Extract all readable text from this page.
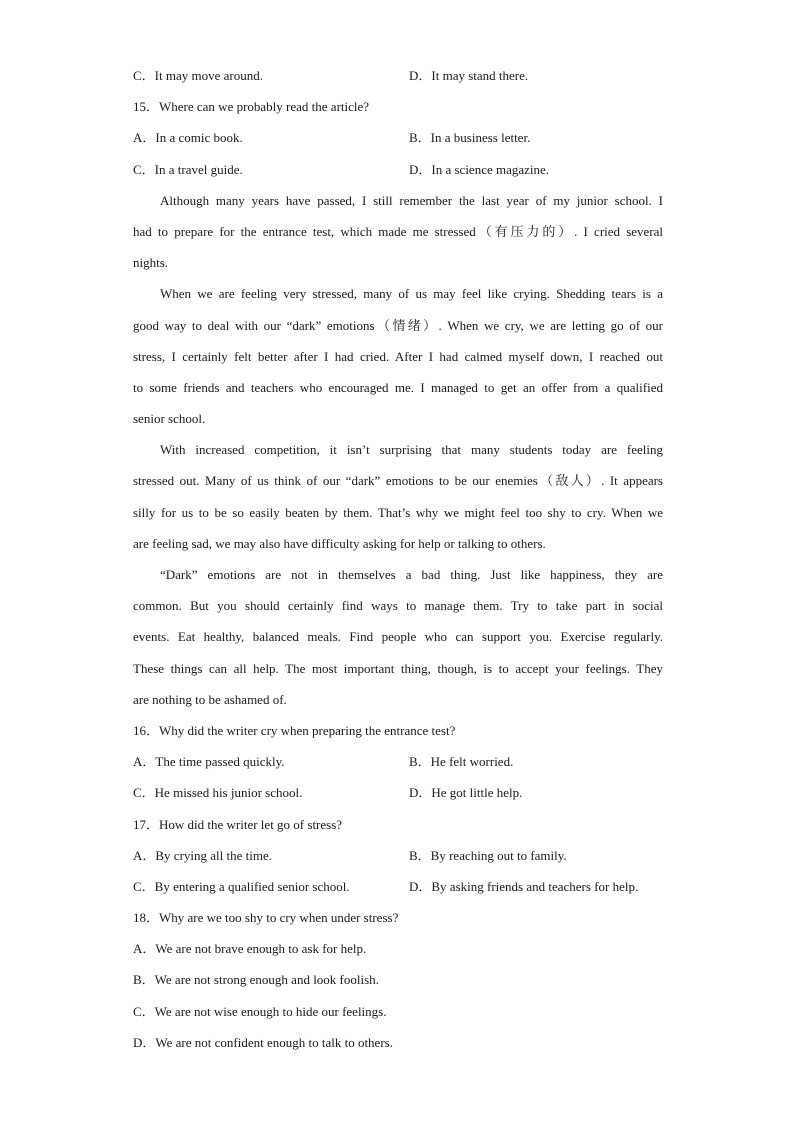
C．It may move around.	D．It may stand there.
15．Where can we probably read the article?
A．In a comic book.	B．In a business letter.
C．In a travel guide.	D．In a science magazine.
Although many years have passed, I still remember the last year of my junior school. I
had to prepare for the entrance test, which made me stressed（有压力的）. I cried several
nights.
When we are feeling very stressed, many of us may feel like crying. Shedding tears is a
good way to deal with our “dark” emotions（情绪）. When we cry, we are letting go of our
stress, I certainly felt better after I had cried. After I had calmed myself down, I reached out
to some friends and teachers who encouraged me. I managed to get an offer from a qualified
senior school.
With increased competition, it isn’t surprising that many students today are feeling
stressed out. Many of us think of our “dark” emotions to be our enemies（敌人）. It appears
silly for us to be so easily beaten by them. That’s why we might feel too shy to cry. When we
are feeling sad, we may also have difficulty asking for help or talking to others.
“Dark” emotions are not in themselves a bad thing. Just like happiness, they are
common. But you should certainly find ways to manage them. Try to take part in social
events. Eat healthy, balanced meals. Find people who can support you. Exercise regularly.
These things can all help. The most important thing, though, is to accept your feelings. They
are nothing to be ashamed of.
16．Why did the writer cry when preparing the entrance test?
A．The time passed quickly.	B．He felt worried.
C．He missed his junior school.	D．He got little help.
17．How did the writer let go of stress?
A．By crying all the time.	B．By reaching out to family.
C．By entering a qualified senior school.	D．By asking friends and teachers for help.
18．Why are we too shy to cry when under stress?
A．We are not brave enough to ask for help.
B．We are not strong enough and look foolish.
C．We are not wise enough to hide our feelings.
D．We are not confident enough to talk to others.
